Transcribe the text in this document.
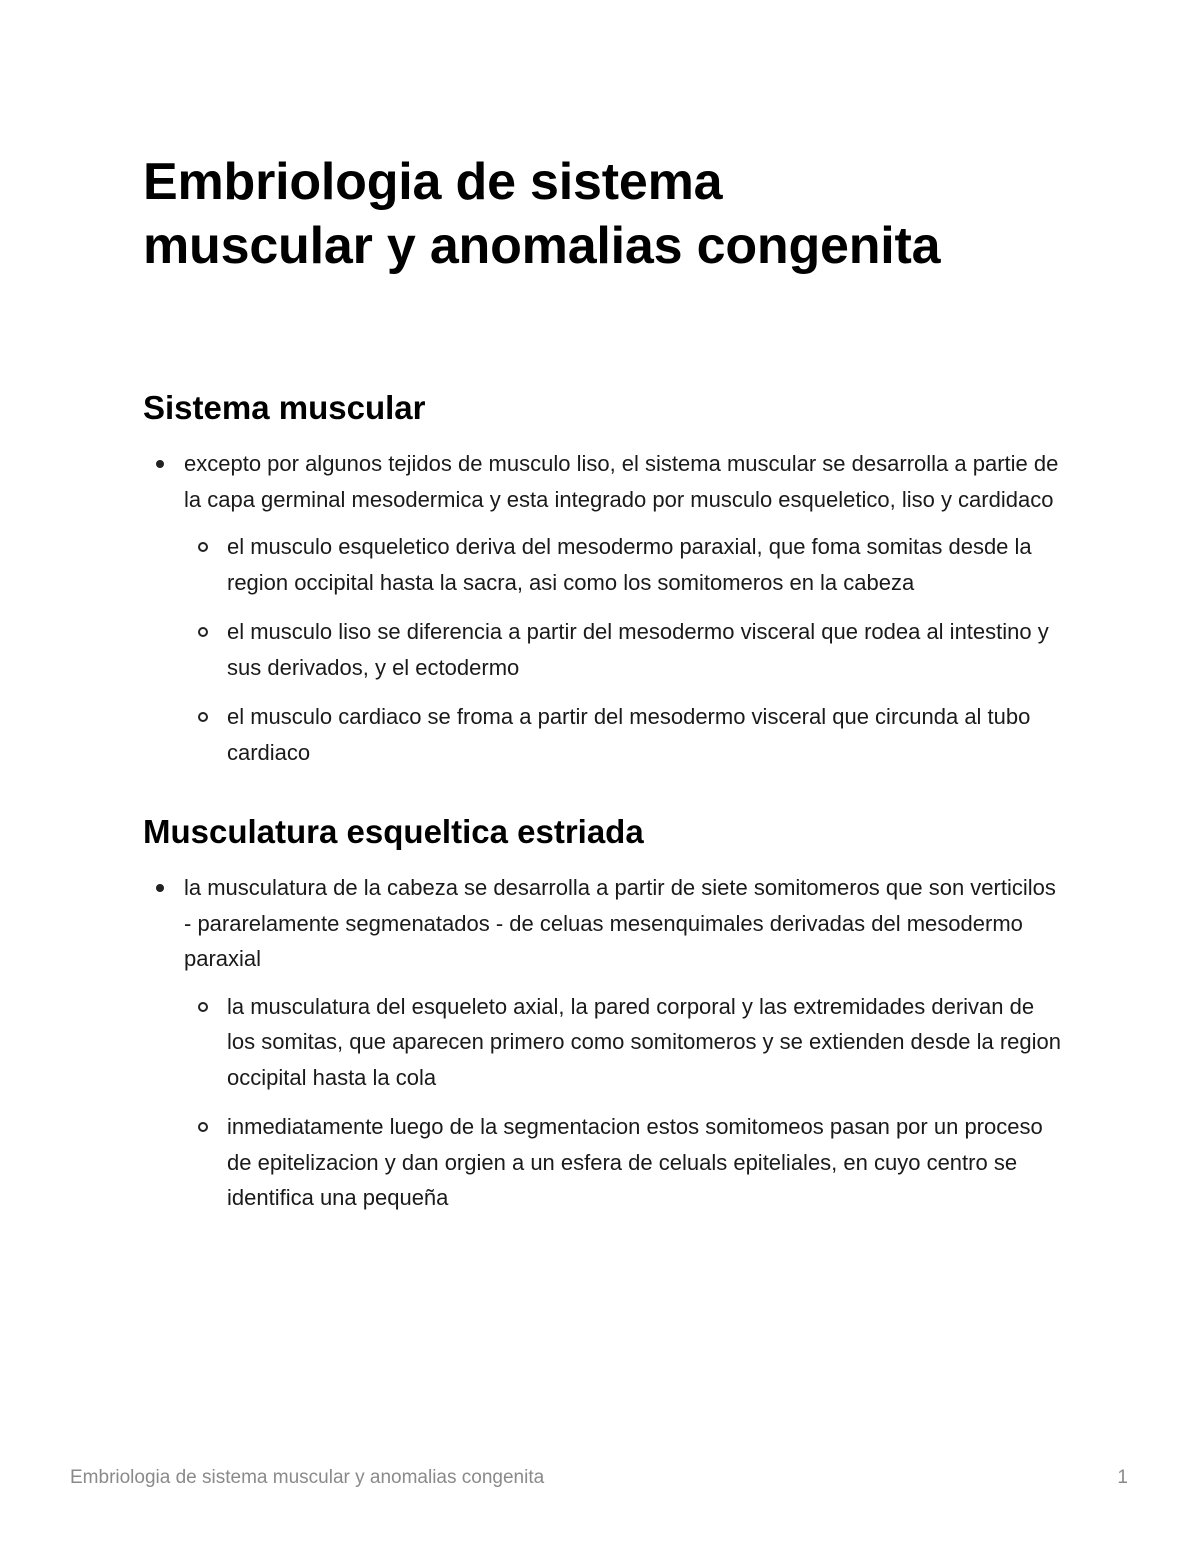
Embriologia de sistema
muscular y anomalias congenita
Sistema muscular
excepto por algunos tejidos de musculo liso, el sistema muscular se desarrolla a partie de la capa germinal mesodermica y esta integrado por musculo esqueletico, liso y cardidaco
el musculo esqueletico deriva del mesodermo paraxial, que foma somitas desde la region occipital hasta la sacra, asi como los somitomeros en la cabeza
el musculo liso se diferencia a partir del mesodermo visceral que rodea al intestino y sus derivados, y el ectodermo
el musculo cardiaco se froma a partir del mesodermo visceral que circunda al tubo cardiaco
Musculatura esqueltica estriada
la musculatura de la cabeza se desarrolla a partir de siete somitomeros que son verticilos - pararelamente segmenatados - de celuas mesenquimales derivadas del mesodermo paraxial
la musculatura del esqueleto axial, la pared corporal y las extremidades derivan de los somitas, que aparecen primero como somitomeros y se extienden desde la region occipital hasta la cola
inmediatamente luego de la segmentacion estos somitomeos pasan por un proceso de epitelizacion y dan orgien a un esfera de celuals epiteliales, en cuyo centro se identifica una pequeña
Embriologia de sistema muscular y anomalias congenita	1
